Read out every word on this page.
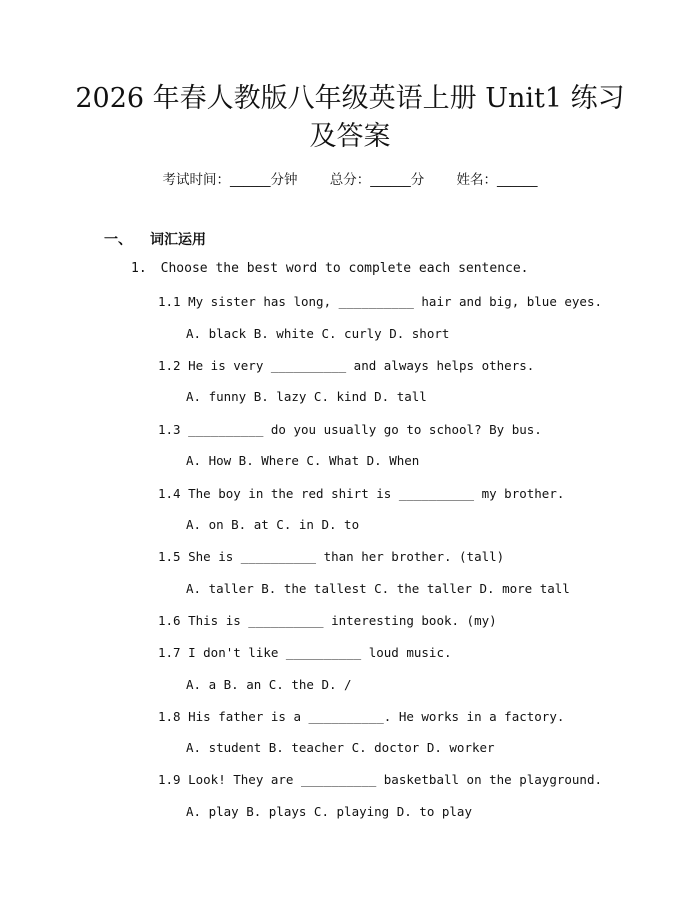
2026 年春人教版八年级英语上册 Unit1 练习
及答案
考试时间：______分钟 总分：______分 姓名：______
一、 词汇运用
1. Choose the best word to complete each sentence.
1.1 My sister has long, __________ hair and big, blue eyes.
A. black B. white C. curly D. short
1.2 He is very __________ and always helps others.
A. funny B. lazy C. kind D. tall
1.3 __________ do you usually go to school? By bus.
A. How B. Where C. What D. When
1.4 The boy in the red shirt is __________ my brother.
A. on B. at C. in D. to
1.5 She is __________ than her brother. (tall)
A. taller B. the tallest C. the taller D. more tall
1.6 This is __________ interesting book. (my)
1.7 I don't like __________ loud music.
A. a B. an C. the D. /
1.8 His father is a __________. He works in a factory.
A. student B. teacher C. doctor D. worker
1.9 Look! They are __________ basketball on the playground.
A. play B. plays C. playing D. to play
